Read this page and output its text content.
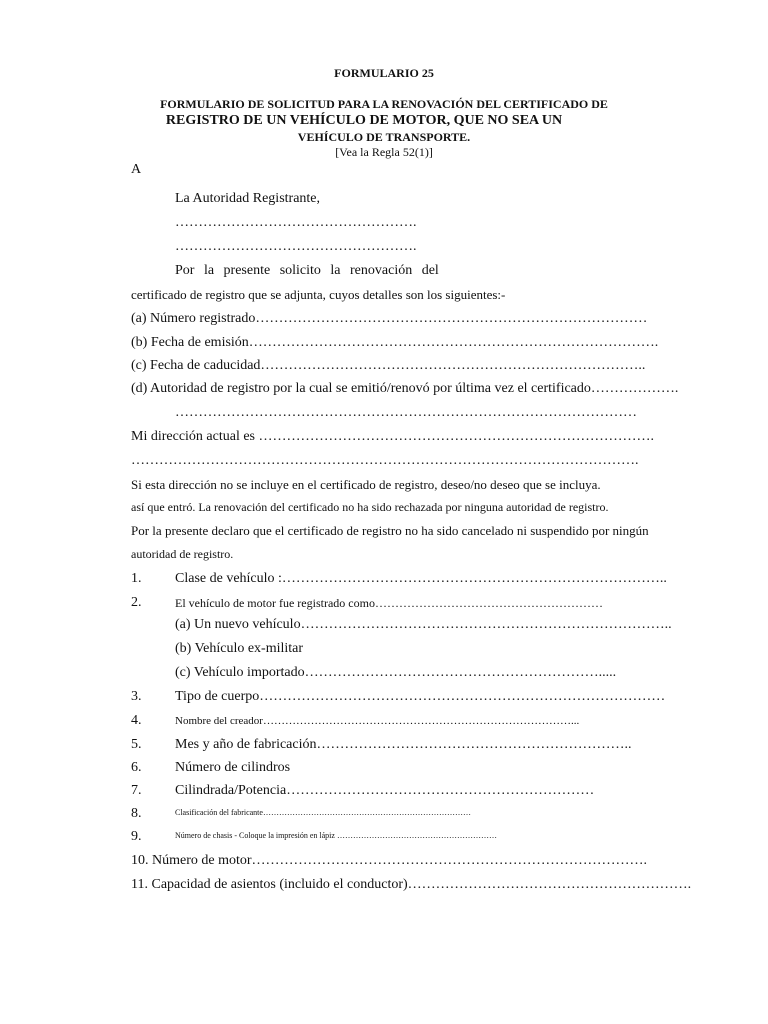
FORMULARIO 25

FORMULARIO DE SOLICITUD PARA LA RENOVACIÓN DEL CERTIFICADO DE

REGISTRO DE UN VEHÍCULO DE MOTOR, QUE NO SEA UN

VEHÍCULO DE TRANSPORTE.

[Vea la Regla 52(1)]

A

La Autoridad Registrante,

…………………………………………….

…………………………………………….

Por la presente solicito la renovación del

certificado de registro que se adjunta, cuyos detalles son los siguientes:-

(a) Número registrado…………………………………………………………………………

(b) Fecha de emisión…………………………………………………………………………….

(c) Fecha de caducidad………………………………………………………………………..

(d) Autoridad de registro por la cual se emitió/renovó por última vez el certificado……………….

………………………………………………………………………………………

Mi dirección actual es ………………………………………………………………………….

……………………………………………………………………………………………….

Si esta dirección no se incluye en el certificado de registro, deseo/no deseo que se incluya.

así que entró. La renovación del certificado no ha sido rechazada por ninguna autoridad de registro.

Por la presente declaro que el certificado de registro no ha sido cancelado ni suspendido por ningún

autoridad de registro.

1. Clase de vehículo :………………………………………………………………………..
2.	El vehículo de motor fue registrado como…………………………………………………

(a) Un nuevo vehículo……………………………………………………………………..

(b) Vehículo ex-militar

(c) Vehículo importado……………………………………………………….....

3. Tipo de cuerpo……………………………………………………………………………
4.	Nombre del creador…………………………………………………………………………...
5. Mes y año de fabricación…………………………………………………………..
6. Número de cilindros
7. Cilindrada/Potencia…………………………………………………………
8.	Clasificación del fabricante……………………………………………………………………
9.	Número de chasis - Coloque la impresión en lápiz ……………………………………………………

10. Número de motor………………………………………………………………………….

11. Capacidad de asientos (incluido el conductor)…………………………………………………….
